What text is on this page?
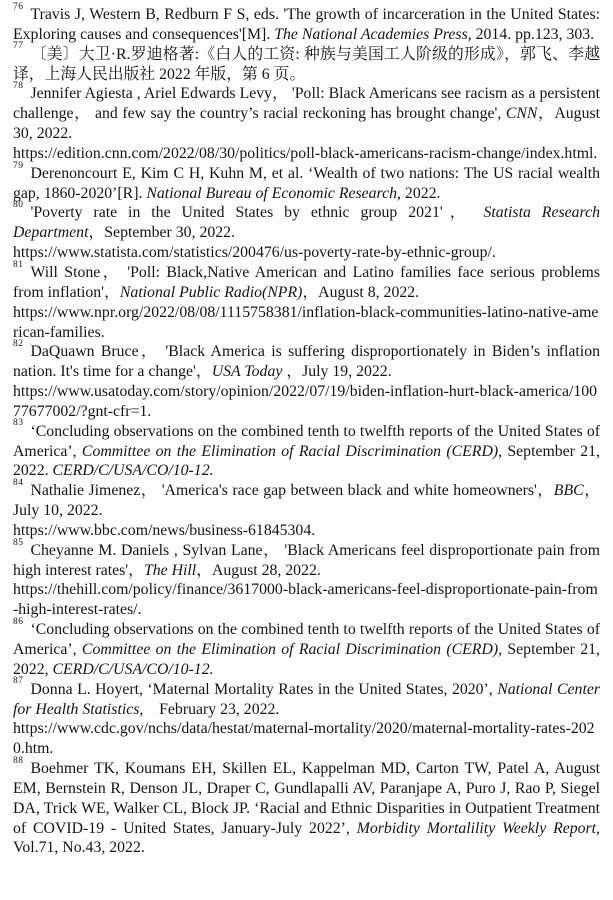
$^{76}$ Travis J, Western B, Redburn F S, eds. 'The growth of incarceration in the United States: Exploring causes and consequences'[M]. The National Academies Press, 2014. pp.123, 303.

$^{77}$ 〔美〕大卫·R.罗迪格著:《白人的工资: 种族与美国工人阶级的形成》，郭飞、李越译，上海人民出版社 2022 年版，第 6 页。

$^{78}$ Jennifer Agiesta , Ariel Edwards Levy， 'Poll: Black Americans see racism as a persistent challenge， and few say the country’s racial reckoning has brought change', CNN，August 30, 2022.

https://edition.cnn.com/2022/08/30/politics/poll-black-americans-racism-change/index.html.

$^{79}$ Derenoncourt E, Kim C H, Kuhn M, et al. ‘Wealth of two nations: The US racial wealth gap, 1860-2020’[R]. National Bureau of Economic Research, 2022.

$^{80}$ 'Poverty rate in the United States by ethnic group 2021'， Statista Research Department，September 30, 2022.

https://www.statista.com/statistics/200476/us-poverty-rate-by-ethnic-group/.

$^{81}$ Will Stone， 'Poll: Black,Native American and Latino families face serious problems from inflation'，National Public Radio(NPR)，August 8, 2022.

https://www.npr.org/2022/08/08/1115758381/inflation-black-communities-latino-native-american-families.

$^{82}$ DaQuawn Bruce， 'Black America is suffering disproportionately in Biden’s inflation nation. It's time for a change'，USA Today ，July 19, 2022.

https://www.usatoday.com/story/opinion/2022/07/19/biden-inflation-hurt-black-america/10077677002/?gnt-cfr=1.

$^{83}$ ‘Concluding observations on the combined tenth to twelfth reports of the United States of America’, Committee on the Elimination of Racial Discrimination (CERD), September 21, 2022. CERD/C/USA/CO/10-12.

$^{84}$ Nathalie Jimenez， 'America's race gap between black and white homeowners'，BBC，July 10, 2022.

https://www.bbc.com/news/business-61845304.

$^{85}$ Cheyanne M. Daniels , Sylvan Lane， 'Black Americans feel disproportionate pain from high interest rates'，The Hill，August 28, 2022.

https://thehill.com/policy/finance/3617000-black-americans-feel-disproportionate-pain-from-high-interest-rates/.

$^{86}$ ‘Concluding observations on the combined tenth to twelfth reports of the United States of America’, Committee on the Elimination of Racial Discrimination (CERD), September 21, 2022, CERD/C/USA/CO/10-12.

$^{87}$ Donna L. Hoyert, ‘Maternal Mortality Rates in the United States, 2020’, National Center for Health Statistics,　February 23, 2022.

https://www.cdc.gov/nchs/data/hestat/maternal-mortality/2020/maternal-mortality-rates-2020.htm.

$^{88}$ Boehmer TK, Koumans EH, Skillen EL, Kappelman MD, Carton TW, Patel A, August EM, Bernstein R, Denson JL, Draper C, Gundlapalli AV, Paranjape A, Puro J, Rao P, Siegel DA, Trick WE, Walker CL, Block JP. ‘Racial and Ethnic Disparities in Outpatient Treatment of COVID-19 - United States, January-July 2022’, Morbidity Mortalility Weekly Report, Vol.71, No.43, 2022.
